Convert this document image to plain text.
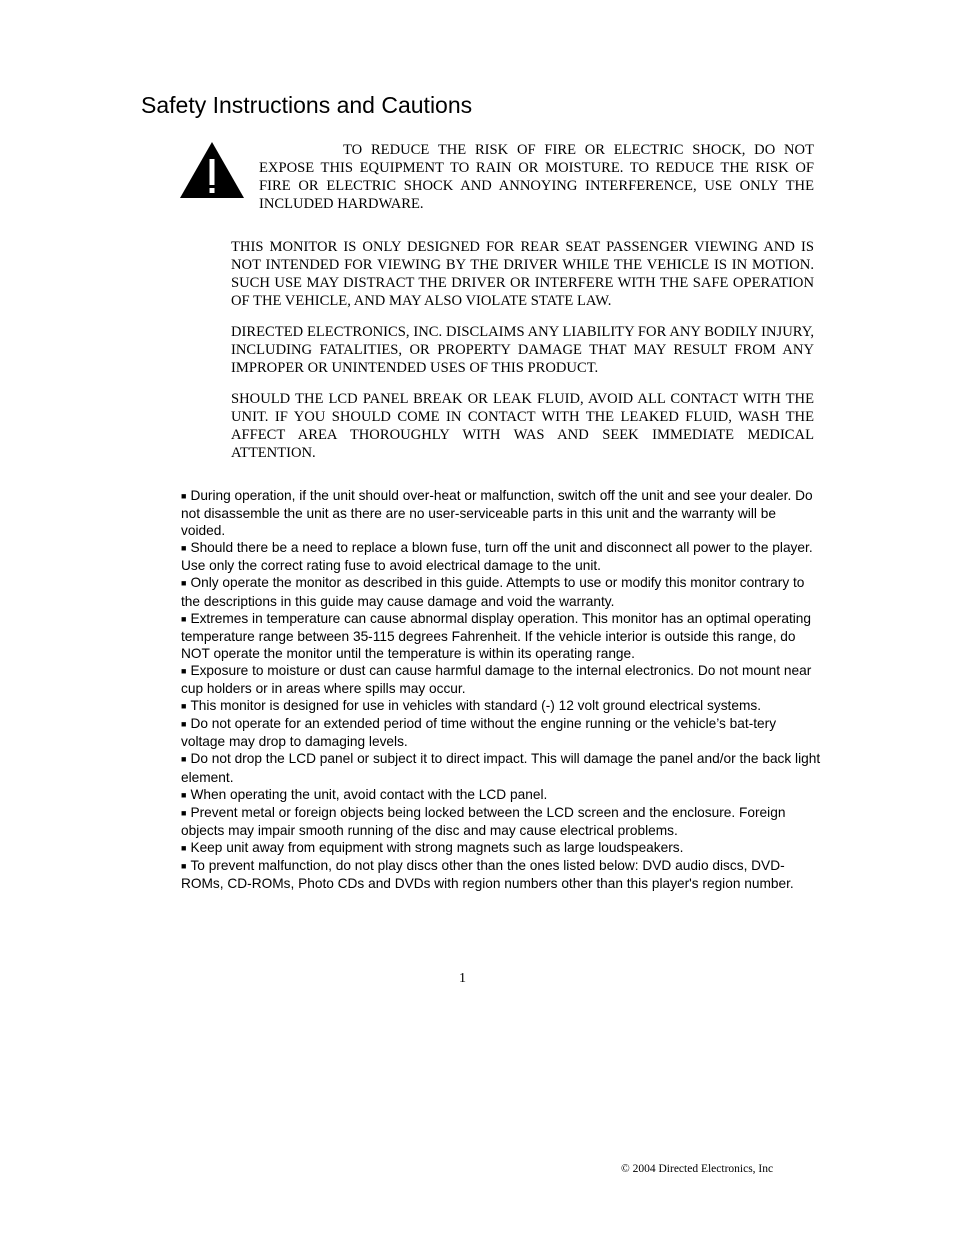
Safety Instructions and Cautions

TO REDUCE THE RISK OF FIRE OR ELECTRIC SHOCK, DO NOT EXPOSE THIS EQUIPMENT TO RAIN OR MOISTURE. TO REDUCE THE RISK OF FIRE OR ELECTRIC SHOCK AND ANNOYING INTERFERENCE, USE ONLY THE INCLUDED HARDWARE.

THIS MONITOR IS ONLY DESIGNED FOR REAR SEAT PASSENGER VIEWING AND IS NOT INTENDED FOR VIEWING BY THE DRIVER WHILE THE VEHICLE IS IN MOTION. SUCH USE MAY DISTRACT THE DRIVER OR INTERFERE WITH THE SAFE OPERATION OF THE VEHICLE, AND MAY ALSO VIOLATE STATE LAW.

DIRECTED ELECTRONICS, INC. DISCLAIMS ANY LIABILITY FOR ANY BODILY INJURY, INCLUDING FATALITIES, OR PROPERTY DAMAGE THAT MAY RESULT FROM ANY IMPROPER OR UNINTENDED USES OF THIS PRODUCT.

SHOULD THE LCD PANEL BREAK OR LEAK FLUID, AVOID ALL CONTACT WITH THE UNIT. IF YOU SHOULD COME IN CONTACT WITH THE LEAKED FLUID, WASH THE AFFECT AREA THOROUGHLY WITH WAS AND SEEK IMMEDIATE MEDICAL ATTENTION.

■ During operation, if the unit should over-heat or malfunction, switch off the unit and see your dealer. Do not disassemble the unit as there are no user-serviceable parts in this unit and the warranty will be voided.
■ Should there be a need to replace a blown fuse, turn off the unit and disconnect all power to the player. Use only the correct rating fuse to avoid electrical damage to the unit.
■ Only operate the monitor as described in this guide. Attempts to use or modify this monitor contrary to the descriptions in this guide may cause damage and void the warranty.
■ Extremes in temperature can cause abnormal display operation. This monitor has an optimal operating temperature range between 35-115 degrees Fahrenheit. If the vehicle interior is outside this range, do NOT operate the monitor until the temperature is within its operating range.
■ Exposure to moisture or dust can cause harmful damage to the internal electronics. Do not mount near cup holders or in areas where spills may occur.
■ This monitor is designed for use in vehicles with standard (-) 12 volt ground electrical systems.
■ Do not operate for an extended period of time without the engine running or the vehicle’s bat-tery voltage may drop to damaging levels.
■ Do not drop the LCD panel or subject it to direct impact. This will damage the panel and/or the back light element.
■ When operating the unit, avoid contact with the LCD panel.
■ Prevent metal or foreign objects being locked between the LCD screen and the enclosure. Foreign objects may impair smooth running of the disc and may cause electrical problems.
■ Keep unit away from equipment with strong magnets such as large loudspeakers.
■ To prevent malfunction, do not play discs other than the ones listed below: DVD audio discs, DVD-ROMs, CD-ROMs, Photo CDs and DVDs with region numbers other than this player's region number.
1
© 2004 Directed Electronics, Inc
